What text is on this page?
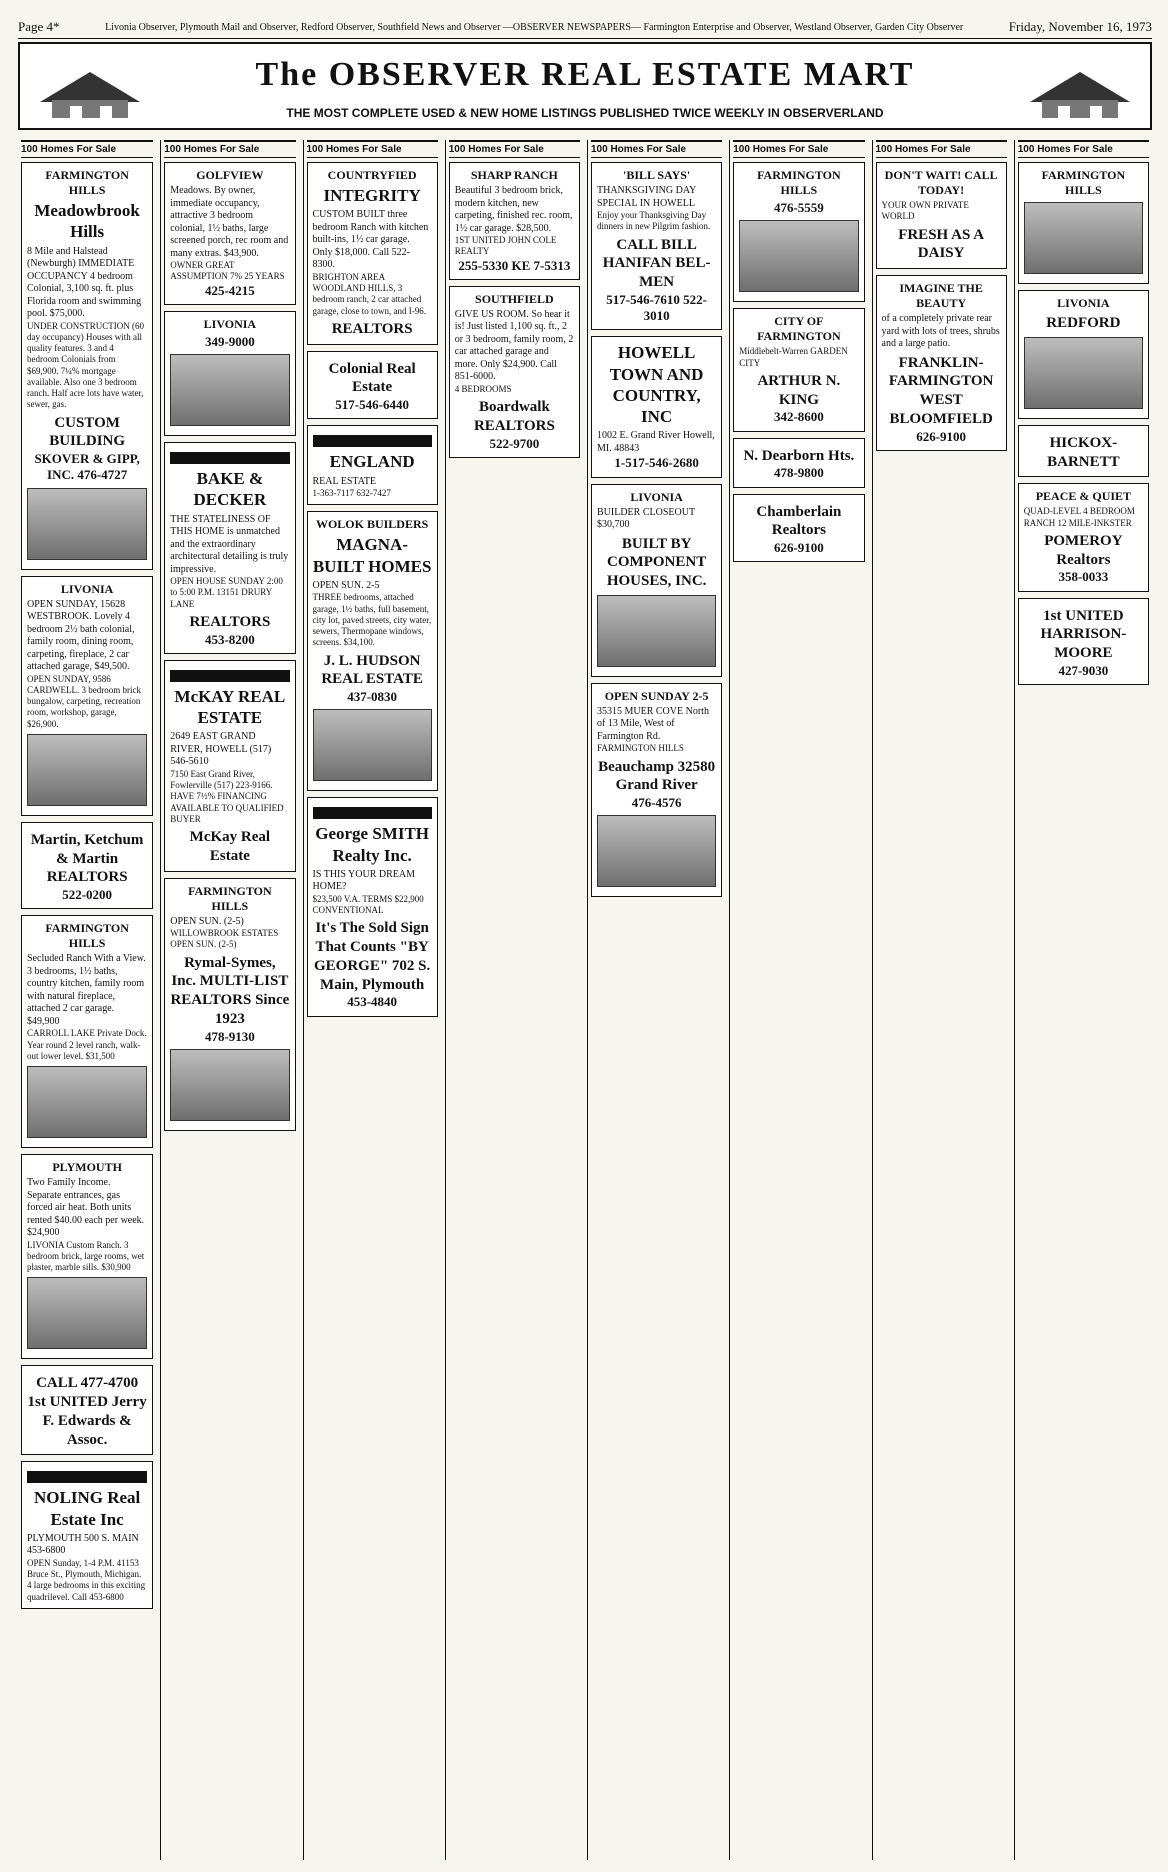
Page 4*	Livonia Observer, Plymouth Mail and Observer, Redford Observer, Southfield News and Observer —OBSERVER NEWSPAPERS— Farmington Enterprise and Observer, Westland Observer, Garden City Observer	Friday, November 16, 1973
The OBSERVER REAL ESTATE MART
THE MOST COMPLETE USED & NEW HOME LISTINGS PUBLISHED TWICE WEEKLY IN OBSERVERLAND
100 Homes For Sale
FARMINGTON HILLS
Meadowbrook Hills
8 Mile and Halstead (Newburgh) IMMEDIATE OCCUPANCY 4 bedroom Colonial, 3,100 sq. ft. plus Florida room and swimming pool. $75,000.
UNDER CONSTRUCTION (60 day occupancy) Houses with all quality features. 3 and 4 bedroom Colonials from $69,900. 7¼% mortgage available. Also one 3 bedroom ranch. Half acre lots have water, sewer, gas.
CUSTOM BUILDING
SKOVER & GIPP, INC. 476-4727
LIVONIA
OPEN SUNDAY, 15628 WESTBROOK. Lovely 4 bedroom 2½ bath colonial, family room, dining room, carpeting, fireplace, 2 car attached garage, $49,500.
OPEN SUNDAY, 9586 CARDWELL. 3 bedroom brick bungalow, carpeting, recreation room, workshop, garage, $26,900.
Martin, Ketchum & Martin REALTORS
522-0200
FARMINGTON HILLS
Secluded Ranch With a View. 3 bedrooms, 1½ baths, country kitchen, family room with natural fireplace, attached 2 car garage. $49,900
CARROLL LAKE Private Dock. Year round 2 level ranch, walk-out lower level. $31,500
PLYMOUTH
Two Family Income. Separate entrances, gas forced air heat. Both units rented $40.00 each per week. $24,900
LIVONIA Custom Ranch. 3 bedroom brick, large rooms, wet plaster, marble sills. $30,900
CALL 477-4700 1st UNITED Jerry F. Edwards & Assoc.
NOLING Real Estate Inc
PLYMOUTH 500 S. MAIN 453-6800
OPEN Sunday, 1-4 P.M. 41153 Bruce St., Plymouth, Michigan. 4 large bedrooms in this exciting quadrilevel. Call 453-6800
100 Homes For Sale
GOLFVIEW
Meadows. By owner, immediate occupancy, attractive 3 bedroom colonial, 1½ baths, large screened porch, rec room and many extras. $43,900.
OWNER GREAT ASSUMPTION 7% 25 YEARS
425-4215
LIVONIA
349-9000
BAKE & DECKER
THE STATELINESS OF THIS HOME is unmatched and the extraordinary architectural detailing is truly impressive.
OPEN HOUSE SUNDAY 2:00 to 5:00 P.M. 13151 DRURY LANE
REALTORS
453-8200
McKAY REAL ESTATE
2649 EAST GRAND RIVER, HOWELL (517) 546-5610
7150 East Grand River, Fowlerville (517) 223-9166. HAVE 7½% FINANCING AVAILABLE TO QUALIFIED BUYER
McKay Real Estate
FARMINGTON HILLS
OPEN SUN. (2-5)
WILLOWBROOK ESTATES OPEN SUN. (2-5)
Rymal-Symes, Inc. MULTI-LIST REALTORS Since 1923
478-9130
100 Homes For Sale
COUNTRYFIED
INTEGRITY
CUSTOM BUILT three bedroom Ranch with kitchen built-ins, 1½ car garage. Only $18,000. Call 522-8300.
BRIGHTON AREA WOODLAND HILLS, 3 bedroom ranch, 2 car attached garage, close to town, and I-96.
REALTORS
Colonial Real Estate
517-546-6440
ENGLAND
REAL ESTATE
1-363-7117 632-7427
WOLOK BUILDERS
MAGNA-BUILT HOMES
OPEN SUN. 2-5
THREE bedrooms, attached garage, 1½ baths, full basement, city lot, paved streets, city water, sewers, Thermopane windows, screens. $34,100.
J. L. HUDSON REAL ESTATE
437-0830
George SMITH Realty Inc.
IS THIS YOUR DREAM HOME?
$23,500 V.A. TERMS $22,900 CONVENTIONAL
It's The Sold Sign That Counts "BY GEORGE" 702 S. Main, Plymouth
453-4840
100 Homes For Sale
SHARP RANCH
Beautiful 3 bedroom brick, modern kitchen, new carpeting, finished rec. room, 1½ car garage. $28,500.
1ST UNITED JOHN COLE REALTY
255-5330 KE 7-5313
SOUTHFIELD
GIVE US ROOM. So hear it is! Just listed 1,100 sq. ft., 2 or 3 bedroom, family room, 2 car attached garage and more. Only $24,900. Call 851-6000.
4 BEDROOMS
Boardwalk REALTORS
522-9700
100 Homes For Sale
'BILL SAYS'
THANKSGIVING DAY SPECIAL IN HOWELL
Enjoy your Thanksgiving Day dinners in new Pilgrim fashion.
CALL BILL HANIFAN BEL-MEN
517-546-7610 522-3010
HOWELL TOWN AND COUNTRY, INC
1002 E. Grand River Howell, MI. 48843
1-517-546-2680
LIVONIA
BUILDER CLOSEOUT $30,700
BUILT BY COMPONENT HOUSES, INC.
OPEN SUNDAY 2-5
35315 MUER COVE North of 13 Mile, West of Farmington Rd.
FARMINGTON HILLS
Beauchamp 32580 Grand River
476-4576
100 Homes For Sale
FARMINGTON HILLS
476-5559
CITY OF FARMINGTON
Middlebelt-Warren GARDEN CITY
ARTHUR N. KING
342-8600
N. Dearborn Hts.
478-9800
Chamberlain Realtors
626-9100
100 Homes For Sale
DON'T WAIT! CALL TODAY!
YOUR OWN PRIVATE WORLD
FRESH AS A DAISY
IMAGINE THE BEAUTY
of a completely private rear yard with lots of trees, shrubs and a large patio.
FRANKLIN-FARMINGTON WEST BLOOMFIELD
626-9100
100 Homes For Sale
FARMINGTON HILLS
LIVONIA
REDFORD
HICKOX-BARNETT
PEACE & QUIET
QUAD-LEVEL 4 BEDROOM RANCH 12 MILE-INKSTER
POMEROY Realtors
358-0033
1st UNITED HARRISON-MOORE
427-9030
